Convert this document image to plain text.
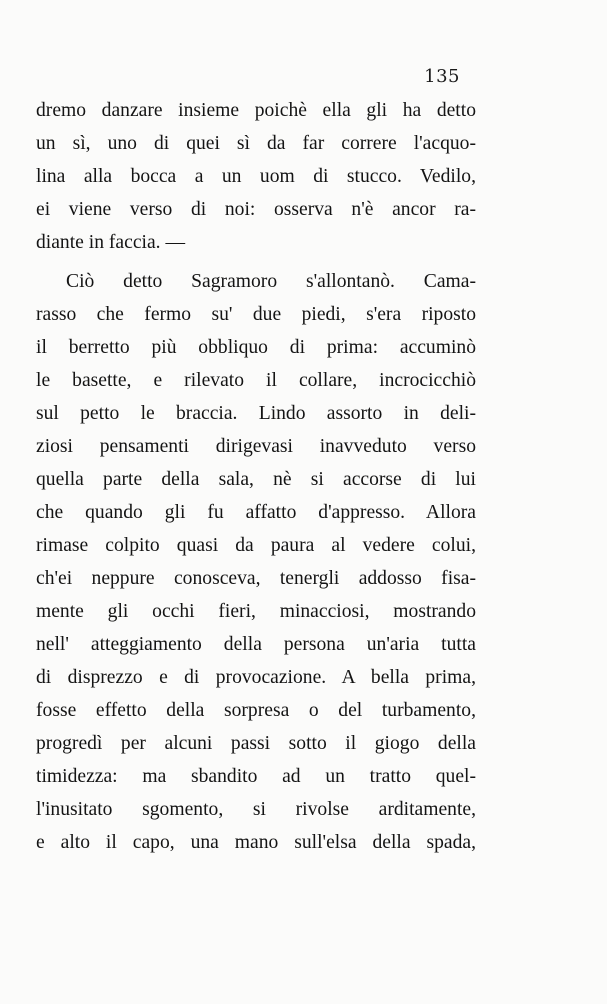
135
dremo danzare insieme poichè ella gli ha detto
un sì, uno di quei sì da far correre l'acquo-
lina alla bocca a un uom di stucco. Vedilo,
ei viene verso di noi: osserva n'è ancor ra-
diante in faccia. —
Ciò detto Sagramoro s'allontanò. Cama-
rasso che fermo su' due piedi, s'era riposto
il berretto più obbliquo di prima: accuminò
le basette, e rilevato il collare, incrocicchiò
sul petto le braccia. Lindo assorto in deli-
ziosi pensamenti dirigevasi inavveduto verso
quella parte della sala, nè si accorse di lui
che quando gli fu affatto d'appresso. Allora
rimase colpito quasi da paura al vedere colui,
ch'ei neppure conosceva, tenergli addosso fisa-
mente gli occhi fieri, minacciosi, mostrando
nell' atteggiamento della persona un'aria tutta
di disprezzo e di provocazione. A bella prima,
fosse effetto della sorpresa o del turbamento,
progredì per alcuni passi sotto il giogo della
timidezza: ma sbandito ad un tratto quel-
l'inusitato sgomento, si rivolse arditamente,
e alto il capo, una mano sull'elsa della spada,
